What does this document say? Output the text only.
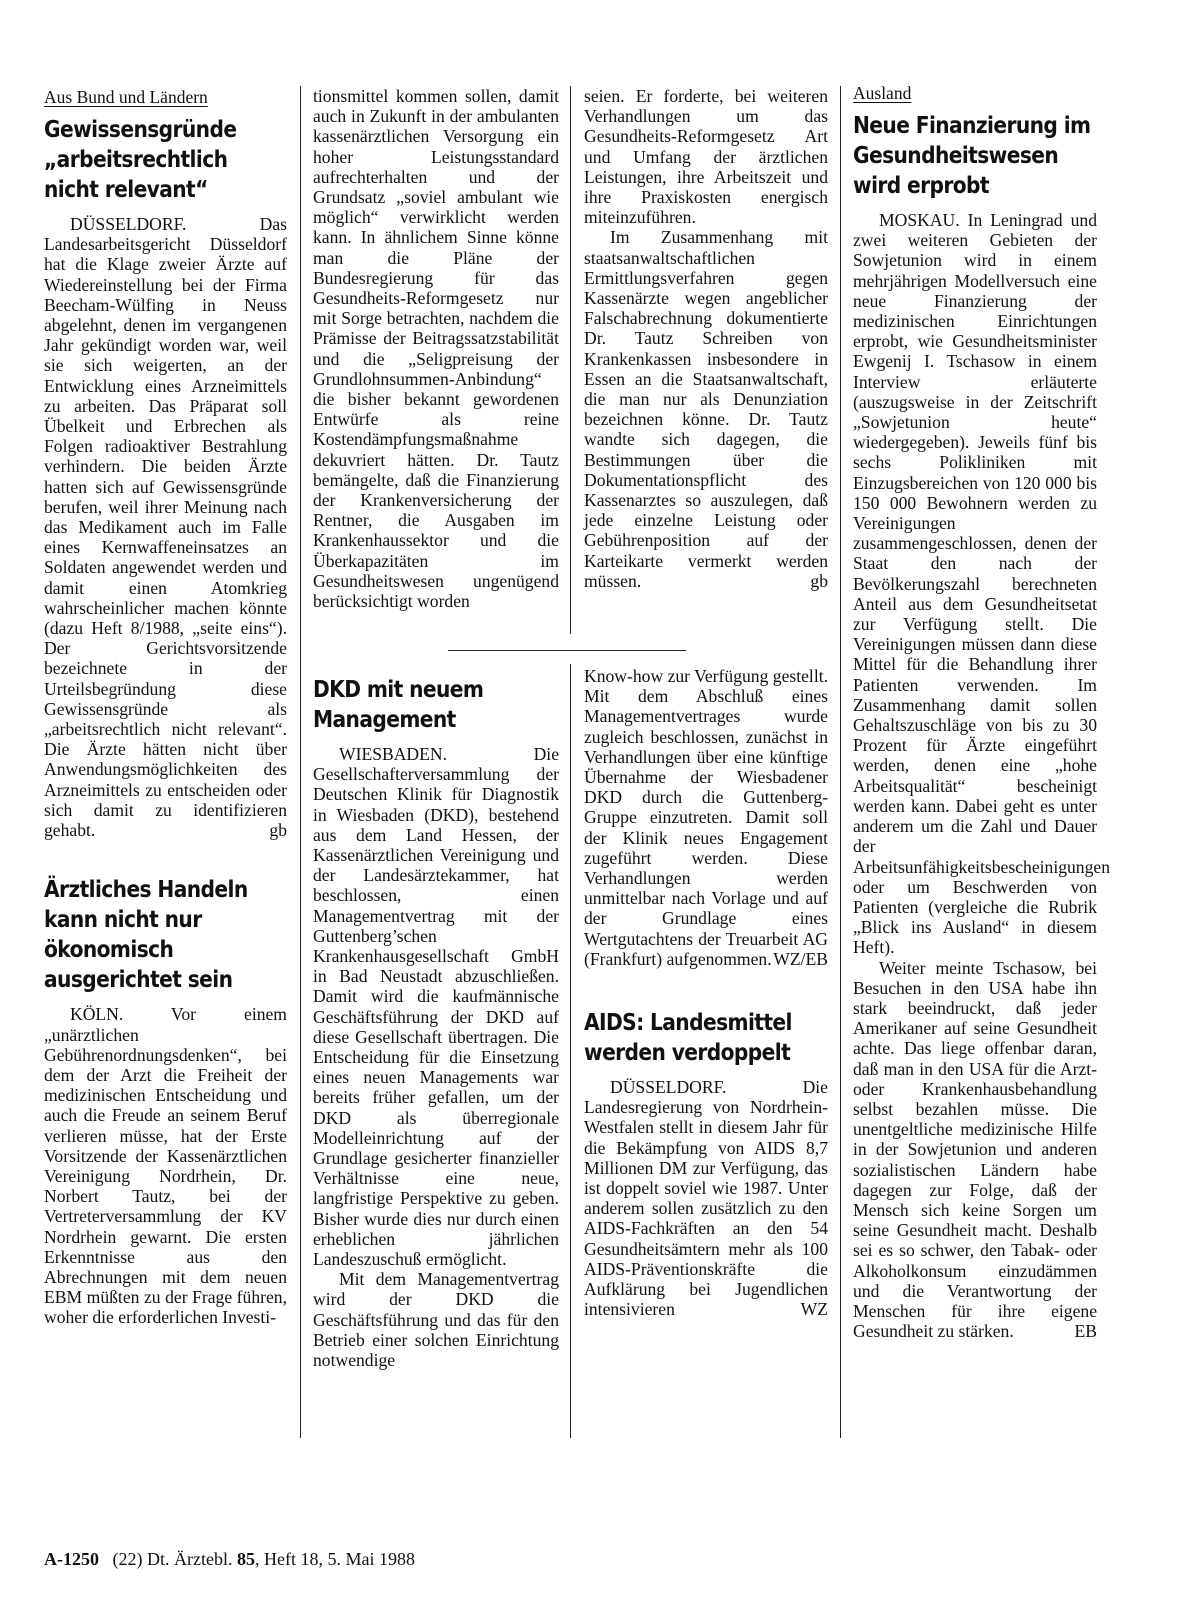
Aus Bund und Ländern
Gewissensgründe „arbeitsrechtlich nicht relevant“

DÜSSELDORF. Das Landesarbeitsgericht Düsseldorf hat die Klage zweier Ärzte auf Wiedereinstellung bei der Firma Beecham-Wülfing in Neuss abgelehnt, denen im vergangenen Jahr gekündigt worden war, weil sie sich weigerten, an der Entwicklung eines Arzneimittels zu arbeiten. Das Präparat soll Übelkeit und Erbrechen als Folgen radioaktiver Bestrahlung verhindern. Die beiden Ärzte hatten sich auf Gewissensgründe berufen, weil ihrer Meinung nach das Medikament auch im Falle eines Kernwaffeneinsatzes an Soldaten angewendet werden und damit einen Atomkrieg wahrscheinlicher machen könnte (dazu Heft 8/1988, „seite eins“). Der Gerichtsvorsitzende bezeichnete in der Urteilsbegründung diese Gewissensgründe als „arbeitsrechtlich nicht relevant“. Die Ärzte hätten nicht über Anwendungsmöglichkeiten des Arzneimittels zu entscheiden oder sich damit zu identifizieren gehabt.	gb

Ärztliches Handeln kann nicht nur ökonomisch ausgerichtet sein

KÖLN. Vor einem „unärztlichen Gebührenordnungsdenken“, bei dem der Arzt die Freiheit der medizinischen Entscheidung und auch die Freude an seinem Beruf verlieren müsse, hat der Erste Vorsitzende der Kassenärztlichen Vereinigung Nordrhein, Dr. Norbert Tautz, bei der Vertreterversammlung der KV Nordrhein gewarnt. Die ersten Erkenntnisse aus den Abrechnungen mit dem neuen EBM müßten zu der Frage führen, woher die erforderlichen Investi-

tionsmittel kommen sollen, damit auch in Zukunft in der ambulanten kassenärztlichen Versorgung ein hoher Leistungsstandard aufrechterhalten und der Grundsatz „soviel ambulant wie möglich“ verwirklicht werden kann. In ähnlichem Sinne könne man die Pläne der Bundesregierung für das Gesundheits-Reformgesetz nur mit Sorge betrachten, nachdem die Prämisse der Beitragssatzstabilität und die „Seligpreisung der Grundlohnsummen-Anbindung“ die bisher bekannt gewordenen Entwürfe als reine Kostendämpfungsmaßnahme dekuvriert hätten. Dr. Tautz bemängelte, daß die Finanzierung der Krankenversicherung der Rentner, die Ausgaben im Krankenhaussektor und die Überkapazitäten im Gesundheitswesen ungenügend berücksichtigt worden

DKD mit neuem Management

WIESBADEN. Die Gesellschafterversammlung der Deutschen Klinik für Diagnostik in Wiesbaden (DKD), bestehend aus dem Land Hessen, der Kassenärztlichen Vereinigung und der Landesärztekammer, hat beschlossen, einen Managementvertrag mit der Guttenberg’schen Krankenhausgesellschaft GmbH in Bad Neustadt abzuschließen. Damit wird die kaufmännische Geschäftsführung der DKD auf diese Gesellschaft übertragen. Die Entscheidung für die Einsetzung eines neuen Managements war bereits früher gefallen, um der DKD als überregionale Modelleinrichtung auf der Grundlage gesicherter finanzieller Verhältnisse eine neue, langfristige Perspektive zu geben. Bisher wurde dies nur durch einen erheblichen jährlichen Landeszuschuß ermöglicht.

Mit dem Managementvertrag wird der DKD die Geschäftsführung und das für den Betrieb einer solchen Einrichtung notwendige

seien. Er forderte, bei weiteren Verhandlungen um das Gesundheits-Reformgesetz Art und Umfang der ärztlichen Leistungen, ihre Arbeitszeit und ihre Praxiskosten energisch miteinzuführen.

Im Zusammenhang mit staatsanwaltschaftlichen Ermittlungsverfahren gegen Kassenärzte wegen angeblicher Falschabrechnung dokumentierte Dr. Tautz Schreiben von Krankenkassen insbesondere in Essen an die Staatsanwaltschaft, die man nur als Denunziation bezeichnen könne. Dr. Tautz wandte sich dagegen, die Bestimmungen über die Dokumentationspflicht des Kassenarztes so auszulegen, daß jede einzelne Leistung oder Gebührenposition auf der Karteikarte vermerkt werden müssen.	gb

Know-how zur Verfügung gestellt. Mit dem Abschluß eines Managementvertrages wurde zugleich beschlossen, zunächst in Verhandlungen über eine künftige Übernahme der Wiesbadener DKD durch die Guttenberg-Gruppe einzutreten. Damit soll der Klinik neues Engagement zugeführt werden. Diese Verhandlungen werden unmittelbar nach Vorlage und auf der Grundlage eines Wertgutachtens der Treuarbeit AG (Frankfurt) aufgenommen. WZ/EB

AIDS: Landesmittel werden verdoppelt

DÜSSELDORF. Die Landesregierung von Nordrhein-Westfalen stellt in diesem Jahr für die Bekämpfung von AIDS 8,7 Millionen DM zur Verfügung, das ist doppelt soviel wie 1987. Unter anderem sollen zusätzlich zu den AIDS-Fachkräften an den 54 Gesundheitsämtern mehr als 100 AIDS-Präventionskräfte die Aufklärung bei Jugendlichen intensivieren	WZ

Ausland
Neue Finanzierung im Gesundheitswesen wird erprobt

MOSKAU. In Leningrad und zwei weiteren Gebieten der Sowjetunion wird in einem mehrjährigen Modellversuch eine neue Finanzierung der medizinischen Einrichtungen erprobt, wie Gesundheitsminister Ewgenij I. Tschasow in einem Interview erläuterte (auszugsweise in der Zeitschrift „Sowjetunion heute“ wiedergegeben). Jeweils fünf bis sechs Polikliniken mit Einzugsbereichen von 120 000 bis 150 000 Bewohnern werden zu Vereinigungen zusammengeschlossen, denen der Staat den nach der Bevölkerungszahl berechneten Anteil aus dem Gesundheitsetat zur Verfügung stellt. Die Vereinigungen müssen dann diese Mittel für die Behandlung ihrer Patienten verwenden. Im Zusammenhang damit sollen Gehaltszuschläge von bis zu 30 Prozent für Ärzte eingeführt werden, denen eine „hohe Arbeitsqualität“ bescheinigt werden kann. Dabei geht es unter anderem um die Zahl und Dauer der Arbeitsunfähigkeitsbescheinigungen oder um Beschwerden von Patienten (vergleiche die Rubrik „Blick ins Ausland“ in diesem Heft).

Weiter meinte Tschasow, bei Besuchen in den USA habe ihn stark beeindruckt, daß jeder Amerikaner auf seine Gesundheit achte. Das liege offenbar daran, daß man in den USA für die Arzt- oder Krankenhausbehandlung selbst bezahlen müsse. Die unentgeltliche medizinische Hilfe in der Sowjetunion und anderen sozialistischen Ländern habe dagegen zur Folge, daß der Mensch sich keine Sorgen um seine Gesundheit macht. Deshalb sei es so schwer, den Tabak- oder Alkoholkonsum einzudämmen und die Verantwortung der Menschen für ihre eigene Gesundheit zu stärken.	EB

A-1250 (22) Dt. Ärztebl. 85, Heft 18, 5. Mai 1988
